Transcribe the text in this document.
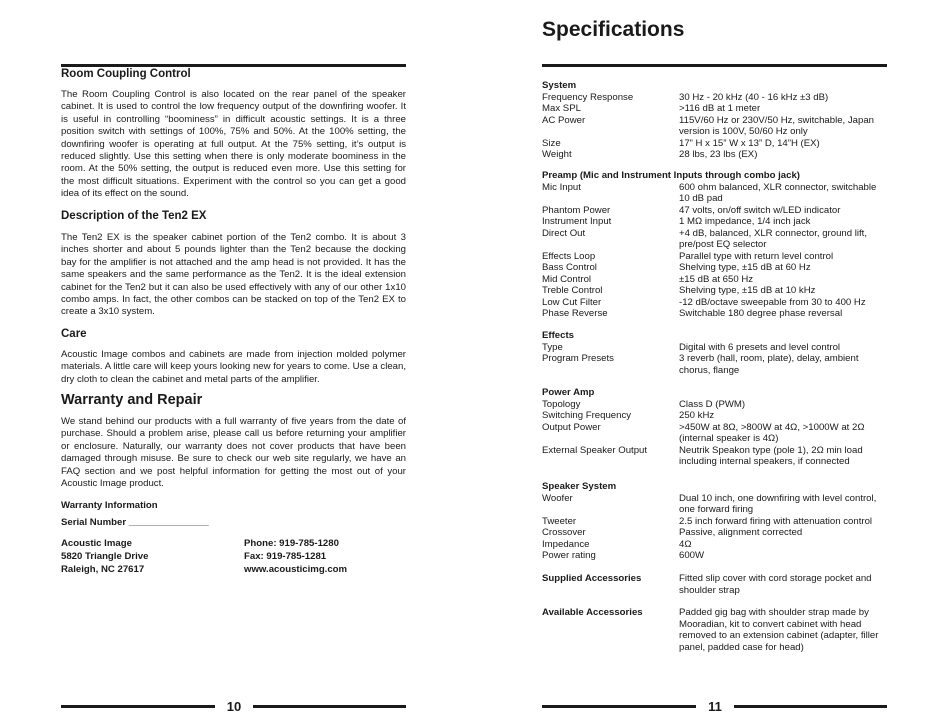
Room Coupling Control

The Room Coupling Control is also located on the rear panel of the speaker cabinet. It is used to control the low frequency output of the downfiring woofer. It is useful in controlling “boominess” in difficult acoustic settings. It is a three position switch with settings of 100%, 75% and 50%. At the 100% setting, the downfiring woofer is operating at full output. At the 75% setting, it’s output is reduced slightly. Use this setting when there is only moderate boominess in the room. At the 50% setting, the output is reduced even more. Use this setting for the most difficult situations. Experiment with the control so you can get a good idea of its effect on the sound.

Description of the Ten2 EX

The Ten2 EX is the speaker cabinet portion of the Ten2 combo. It is about 3 inches shorter and about 5 pounds lighter than the Ten2 because the docking bay for the amplifier is not attached and the amp head is not provided. It has the same speakers and the same performance as the Ten2. It is the ideal extension cabinet for the Ten2 but it can also be used effectively with any of our other 1x10 combo amps. In fact, the other combos can be stacked on top of the Ten2 EX to create a 3x10 system.

Care

Acoustic Image combos and cabinets are made from injection molded polymer materials. A little care will keep yours looking new for years to come. Use a clean, dry cloth to clean the cabinet and metal parts of the amplifier.

Warranty and Repair

We stand behind our products with a full warranty of five years from the date of purchase. Should a problem arise, please call us before returning your amplifier or enclosure. Naturally, our warranty does not cover products that have been damaged through misuse. Be sure to check our web site regularly, we have an FAQ section and we post helpful information for getting the most out of your Acoustic Image product.

Warranty Information
Serial Number _______________
Acoustic Image
5820 Triangle Drive
Raleigh, NC 27617
Phone: 919-785-1280
Fax: 919-785-1281
www.acousticimg.com
10
Specifications
System
Frequency Response	30 Hz - 20 kHz (40 - 16 kHz ±3 dB)
Max SPL	>116 dB at 1 meter
AC Power	115V/60 Hz or 230V/50 Hz, switchable, Japan version is 100V, 50/60 Hz only
Size	17” H x 15” W x 13” D, 14”H (EX)
Weight	28 lbs, 23 lbs (EX)
Preamp (Mic and Instrument Inputs through combo jack)
Mic Input	600 ohm balanced, XLR connector, switchable 10 dB pad
Phantom Power	47 volts, on/off switch w/LED indicator
Instrument Input	1 MΩ impedance, 1/4 inch jack
Direct Out	+4 dB, balanced, XLR connector, ground lift, pre/post EQ selector
Effects Loop	Parallel type with return level control
Bass Control	Shelving type, ±15 dB at 60 Hz
Mid Control	±15 dB at 650 Hz
Treble Control	Shelving type, ±15 dB at 10 kHz
Low Cut Filter	-12 dB/octave sweepable from 30 to 400 Hz
Phase Reverse	Switchable 180 degree phase reversal
Effects
Type	Digital with 6 presets and level control
Program Presets	3 reverb (hall, room, plate), delay, ambient chorus, flange
Power Amp
Topology	Class D (PWM)
Switching Frequency	250 kHz
Output Power	>450W at 8Ω, >800W at 4Ω, >1000W at 2Ω (internal speaker is 4Ω)
External Speaker Output	Neutrik Speakon type (pole 1), 2Ω min load including internal speakers, if connected
Speaker System
Woofer	Dual 10 inch, one downfiring with level control, one forward firing
Tweeter	2.5 inch forward firing with attenuation control
Crossover	Passive, alignment corrected
Impedance	4Ω
Power rating	600W
Supplied Accessories	Fitted slip cover with cord storage pocket and shoulder strap
Available Accessories	Padded gig bag with shoulder strap made by Mooradian, kit to convert cabinet with head removed to an extension cabinet (adapter, filler panel, padded case for head)
11
